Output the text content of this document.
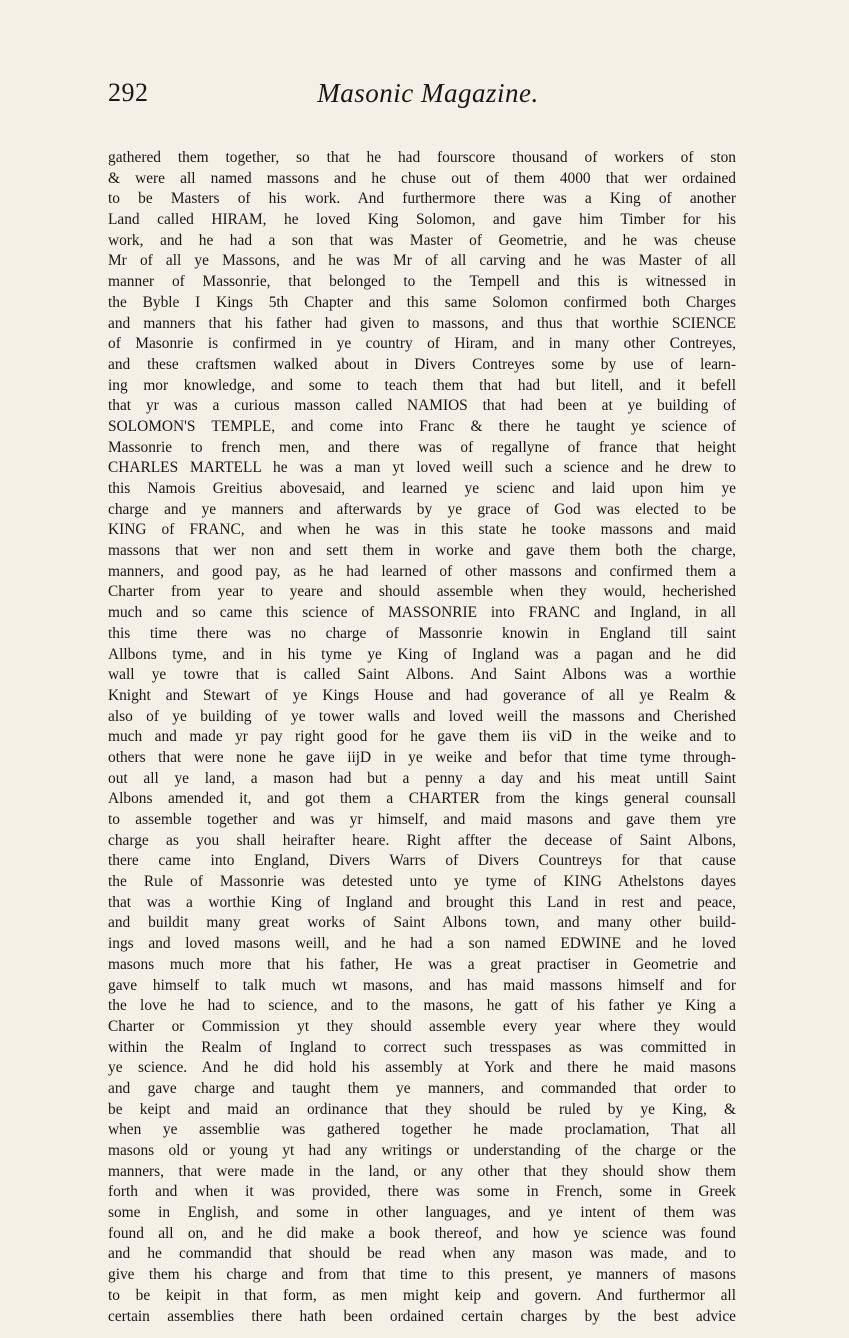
292	Masonic Magazine.
gathered them together, so that he had fourscore thousand of workers of ston
& were all named massons and he chuse out of them 4000 that wer ordained
to be Masters of his work. And furthermore there was a King of another
Land called HIRAM, he loved King Solomon, and gave him Timber for his
work, and he had a son that was Master of Geometrie, and he was cheuse
Mr of all ye Massons, and he was Mr of all carving and he was Master of all
manner of Massonrie, that belonged to the Tempell and this is witnessed in
the Byble I Kings 5th Chapter and this same Solomon confirmed both Charges
and manners that his father had given to massons, and thus that worthie SCIENCE
of Masonrie is confirmed in ye country of Hiram, and in many other Contreyes,
and these craftsmen walked about in Divers Contreyes some by use of learn-
ing mor knowledge, and some to teach them that had but litell, and it befell
that yr was a curious masson called NAMIOS that had been at ye building of
SOLOMON'S TEMPLE, and come into Franc & there he taught ye science of
Massonrie to french men, and there was of regallyne of france that height
CHARLES MARTELL he was a man yt loved weill such a science and he drew to
this Namois Greitius abovesaid, and learned ye scienc and laid upon him ye
charge and ye manners and afterwards by ye grace of God was elected to be
KING of FRANC, and when he was in this state he tooke massons and maid
massons that wer non and sett them in worke and gave them both the charge,
manners, and good pay, as he had learned of other massons and confirmed them a
Charter from year to yeare and should assemble when they would, hecherished
much and so came this science of MASSONRIE into FRANC and Ingland, in all
this time there was no charge of Massonrie knowin in England till saint
Allbons tyme, and in his tyme ye King of Ingland was a pagan and he did
wall ye towre that is called Saint Albons. And Saint Albons was a worthie
Knight and Stewart of ye Kings House and had goverance of all ye Realm &
also of ye building of ye tower walls and loved weill the massons and Cherished
much and made yr pay right good for he gave them iis viD in the weike and to
others that were none he gave iijD in ye weike and befor that time tyme through-
out all ye land, a mason had but a penny a day and his meat untill Saint
Albons amended it, and got them a CHARTER from the kings general counsall
to assemble together and was yr himself, and maid masons and gave them yre
charge as you shall heirafter heare. Right affter the decease of Saint Albons,
there came into England, Divers Warrs of Divers Countreys for that cause
the Rule of Massonrie was detested unto ye tyme of KING Athelstons dayes
that was a worthie King of Ingland and brought this Land in rest and peace,
and buildit many great works of Saint Albons town, and many other build-
ings and loved masons weill, and he had a son named EDWINE and he loved
masons much more that his father, He was a great practiser in Geometrie and
gave himself to talk much wt masons, and has maid massons himself and for
the love he had to science, and to the masons, he gatt of his father ye King a
Charter or Commission yt they should assemble every year where they would
within the Realm of Ingland to correct such tresspases as was committed in
ye science. And he did hold his assembly at York and there he maid masons
and gave charge and taught them ye manners, and commanded that order to
be keipt and maid an ordinance that they should be ruled by ye King, &
when ye assemblie was gathered together he made proclamation, That all
masons old or young yt had any writings or understanding of the charge or the
manners, that were made in the land, or any other that they should show them
forth and when it was provided, there was some in French, some in Greek
some in English, and some in other languages, and ye intent of them was
found all on, and he did make a book thereof, and how ye science was found
and he commandid that should be read when any mason was made, and to
give them his charge and from that time to this present, ye manners of masons
to be keipit in that form, as men might keip and govern. And furthermor all
certain assemblies there hath been ordained certain charges by the best advice
